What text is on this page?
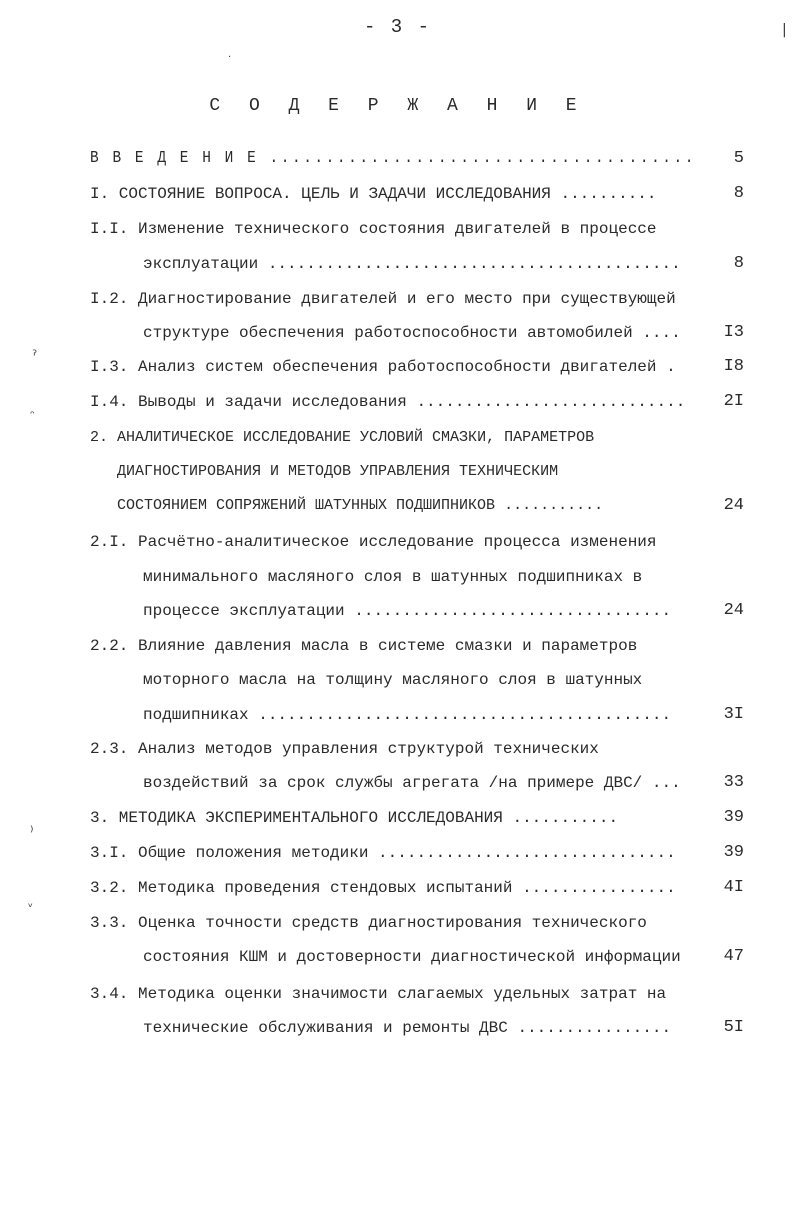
- 3 -
С О Д Е Р Ж А Н И Е
В В Е Д Е Н И Е ......................................	5
I. СОСТОЯНИЕ ВОПРОСА. ЦЕЛЬ И ЗАДАЧИ ИССЛЕДОВАНИЯ ..........	8
I.I. Изменение технического состояния двигателей в процессе
эксплуатации ...........................................	8
I.2. Диагностирование двигателей и его место при существующей
структуре обеспечения работоспособности автомобилей ....	I3
I.3. Анализ систем обеспечения работоспособности двигателей .	I8
I.4. Выводы и задачи исследования ............................	2I
2. АНАЛИТИЧЕСКОЕ ИССЛЕДОВАНИЕ УСЛОВИЙ СМАЗКИ, ПАРАМЕТРОВ
ДИАГНОСТИРОВАНИЯ И МЕТОДОВ УПРАВЛЕНИЯ ТЕХНИЧЕСКИМ
СОСТОЯНИЕМ СОПРЯЖЕНИЙ ШАТУННЫХ ПОДШИПНИКОВ ...........	24
2.I. Расчётно-аналитическое исследование процесса изменения
минимального масляного слоя в шатунных подшипниках в
процессе эксплуатации .................................	24
2.2. Влияние давления масла в системе смазки и параметров
моторного масла на толщину масляного слоя в шатунных
подшипниках ...........................................	3I
2.3. Анализ методов управления структурой технических
воздействий за срок службы агрегата /на примере ДВС/ ...	33
3. МЕТОДИКА ЭКСПЕРИМЕНТАЛЬНОГО ИССЛЕДОВАНИЯ ...........	39
3.I. Общие положения методики ...............................	39
3.2. Методика проведения стендовых испытаний ................	4I
3.3. Оценка точности средств диагностирования технического
состояния КШМ и достоверности диагностической информации	47
3.4. Методика оценки значимости слагаемых удельных затрат на
технические обслуживания и ремонты ДВС ................	5I
|
·
ˀ
ᵔ
⁾
ᵛ
